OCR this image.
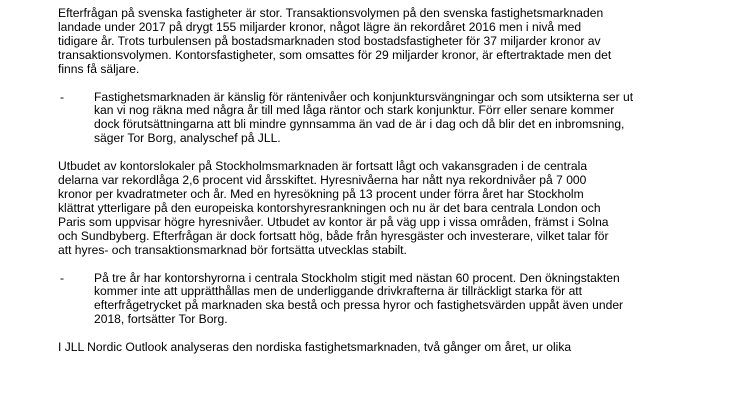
Efterfrågan på svenska fastigheter är stor. Transaktionsvolymen på den svenska fastighetsmarknaden
landade under 2017 på drygt 155 miljarder kronor, något lägre än rekordåret 2016 men i nivå med
tidigare år. Trots turbulensen på bostadsmarknaden stod bostadsfastigheter för 37 miljarder kronor av
transaktionsvolymen. Kontorsfastigheter, som omsattes för 29 miljarder kronor, är eftertraktade men det
finns få säljare.

- Fastighetsmarknaden är känslig för räntenivåer och konjunktursvängningar och som utsikterna ser ut
kan vi nog räkna med några år till med låga räntor och stark konjunktur. Förr eller senare kommer
dock förutsättningarna att bli mindre gynnsamma än vad de är i dag och då blir det en inbromsning,
säger Tor Borg, analyschef på JLL.

Utbudet av kontorslokaler på Stockholmsmarknaden är fortsatt lågt och vakansgraden i de centrala
delarna var rekordlåga 2,6 procent vid årsskiftet. Hyresnivåerna har nått nya rekordnivåer på 7 000
kronor per kvadratmeter och år. Med en hyresökning på 13 procent under förra året har Stockholm
klättrat ytterligare på den europeiska kontorshyresrankningen och nu är det bara centrala London och
Paris som uppvisar högre hyresnivåer. Utbudet av kontor är på väg upp i vissa områden, främst i Solna
och Sundbyberg. Efterfrågan är dock fortsatt hög, både från hyresgäster och investerare, vilket talar för
att hyres- och transaktionsmarknad bör fortsätta utvecklas stabilt.

- På tre år har kontorshyrorna i centrala Stockholm stigit med nästan 60 procent. Den ökningstakten
kommer inte att upprätthållas men de underliggande drivkrafterna är tillräckligt starka för att
efterfrågetrycket på marknaden ska bestå och pressa hyror och fastighetsvärden uppåt även under
2018, fortsätter Tor Borg.

I JLL Nordic Outlook analyseras den nordiska fastighetsmarknaden, två gånger om året, ur olika
